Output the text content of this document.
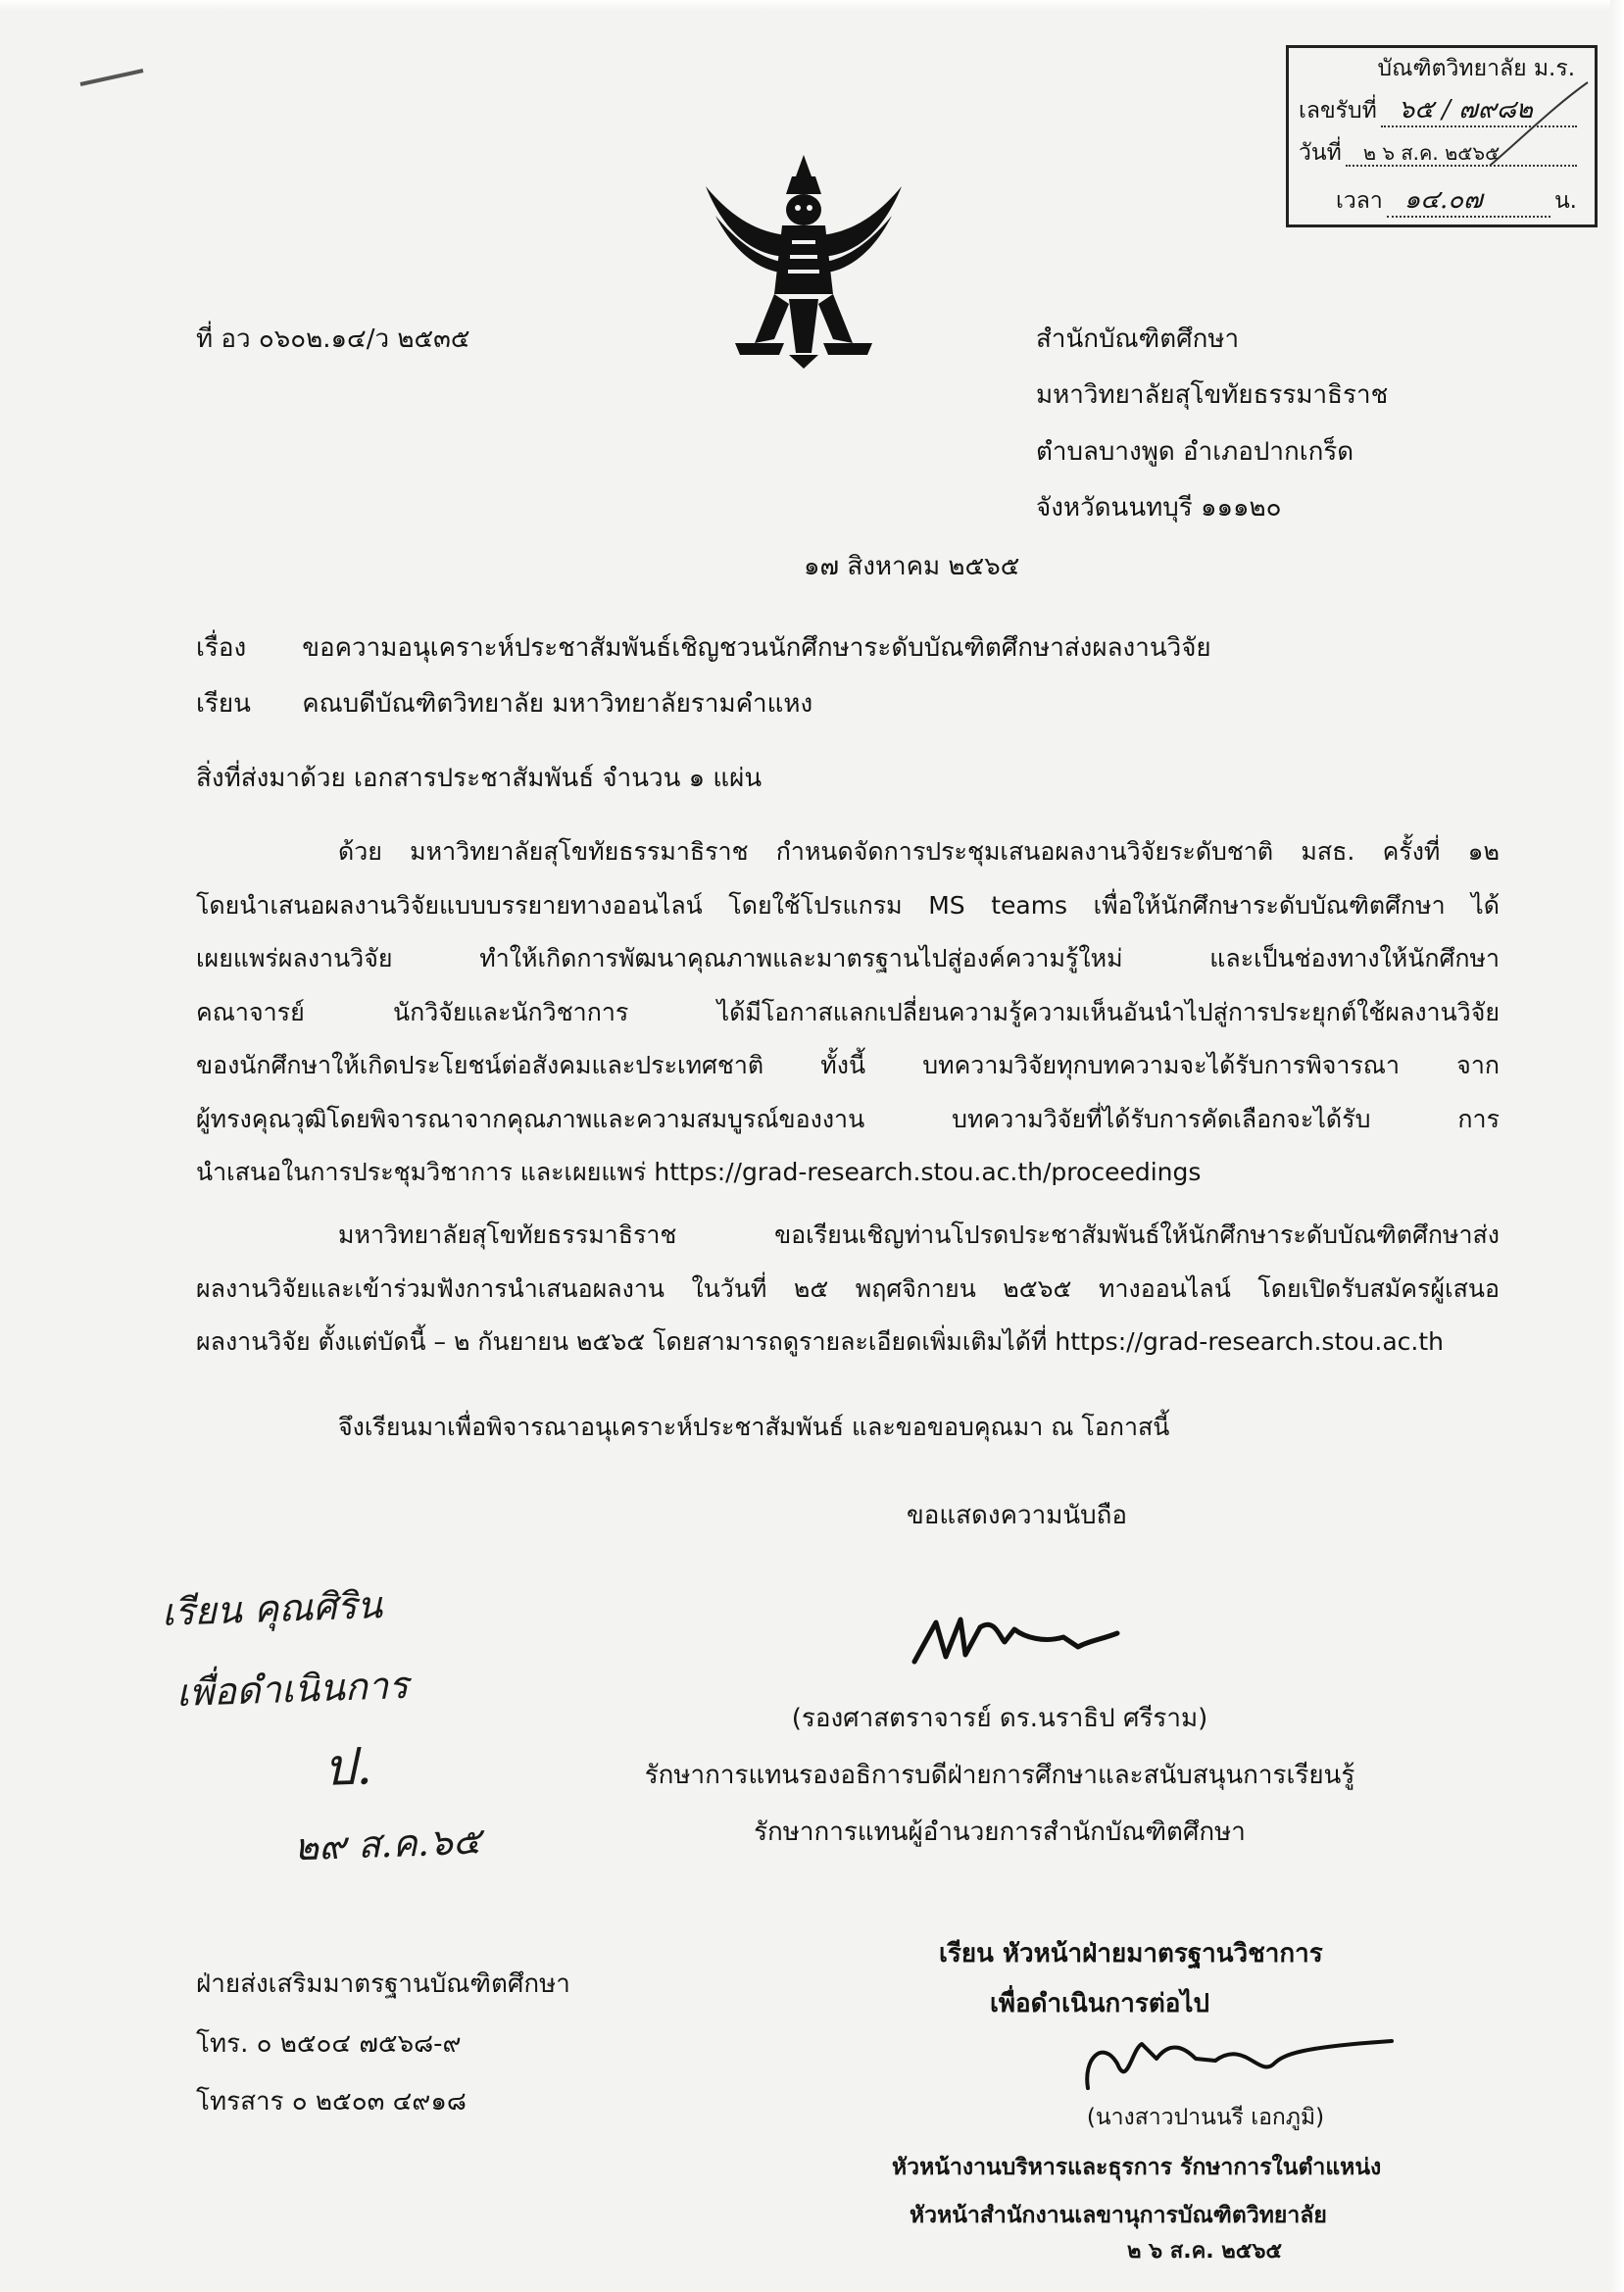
บัณฑิตวิทยาลัย ม.ร.
เลขรับที่ ๖๕ / ๗๙๘๒
วันที่	๒ ๖ ส.ค. ๒๕๖๕
เวลา ๑๔.๐๗	น.
ที่ อว ๐๖๐๒.๑๔/ว ๒๕๓๕	สำนักบัณฑิตศึกษา
มหาวิทยาลัยสุโขทัยธรรมาธิราช
ตำบลบางพูด อำเภอปากเกร็ด
จังหวัดนนทบุรี ๑๑๑๒๐
๑๗ สิงหาคม ๒๕๖๕
เรื่อง ขอความอนุเคราะห์ประชาสัมพันธ์เชิญชวนนักศึกษาระดับบัณฑิตศึกษาส่งผลงานวิจัย
เรียน คณบดีบัณฑิตวิทยาลัย มหาวิทยาลัยรามคำแหง
สิ่งที่ส่งมาด้วย เอกสารประชาสัมพันธ์ จำนวน ๑ แผ่น
ด้วย มหาวิทยาลัยสุโขทัยธรรมาธิราช กำหนดจัดการประชุมเสนอผลงานวิจัยระดับชาติ มสธ. ครั้งที่ ๑๒
โดยนำเสนอผลงานวิจัยแบบบรรยายทางออนไลน์ โดยใช้โปรแกรม MS teams เพื่อให้นักศึกษาระดับบัณฑิตศึกษา ได้
เผยแพร่ผลงานวิจัย ทำให้เกิดการพัฒนาคุณภาพและมาตรฐานไปสู่องค์ความรู้ใหม่ และเป็นช่องทางให้นักศึกษา
คณาจารย์ นักวิจัยและนักวิชาการ ได้มีโอกาสแลกเปลี่ยนความรู้ความเห็นอันนำไปสู่การประยุกต์ใช้ผลงานวิจัย
ของนักศึกษาให้เกิดประโยชน์ต่อสังคมและประเทศชาติ ทั้งนี้ บทความวิจัยทุกบทความจะได้รับการพิจารณา จาก
ผู้ทรงคุณวุฒิโดยพิจารณาจากคุณภาพและความสมบูรณ์ของงาน บทความวิจัยที่ได้รับการคัดเลือกจะได้รับ การ
นำเสนอในการประชุมวิชาการ และเผยแพร่ https://grad-research.stou.ac.th/proceedings
มหาวิทยาลัยสุโขทัยธรรมาธิราช ขอเรียนเชิญท่านโปรดประชาสัมพันธ์ให้นักศึกษาระดับบัณฑิตศึกษาส่ง
ผลงานวิจัยและเข้าร่วมฟังการนำเสนอผลงาน ในวันที่ ๒๕ พฤศจิกายน ๒๕๖๕ ทางออนไลน์ โดยเปิดรับสมัครผู้เสนอ
ผลงานวิจัย ตั้งแต่บัดนี้ – ๒ กันยายน ๒๕๖๕ โดยสามารถดูรายละเอียดเพิ่มเติมได้ที่ https://grad-research.stou.ac.th
จึงเรียนมาเพื่อพิจารณาอนุเคราะห์ประชาสัมพันธ์ และขอขอบคุณมา ณ โอกาสนี้
ขอแสดงความนับถือ
(รองศาสตราจารย์ ดร.นราธิป ศรีราม)
รักษาการแทนรองอธิการบดีฝ่ายการศึกษาและสนับสนุนการเรียนรู้
รักษาการแทนผู้อำนวยการสำนักบัณฑิตศึกษา
เรียน คุณศิริน
เพื่อดำเนินการ
ป.
๒๙ ส.ค.๖๕
ฝ่ายส่งเสริมมาตรฐานบัณฑิตศึกษา
โทร. ๐ ๒๕๐๔ ๗๕๖๘-๙
โทรสาร ๐ ๒๕๐๓ ๔๙๑๘
เรียน หัวหน้าฝ่ายมาตรฐานวิชาการ
เพื่อดำเนินการต่อไป
(นางสาวปานนรี เอกภูมิ)
หัวหน้างานบริหารและธุรการ รักษาการในตำแหน่ง
หัวหน้าสำนักงานเลขานุการบัณฑิตวิทยาลัย
๒ ๖ ส.ค. ๒๕๖๕
